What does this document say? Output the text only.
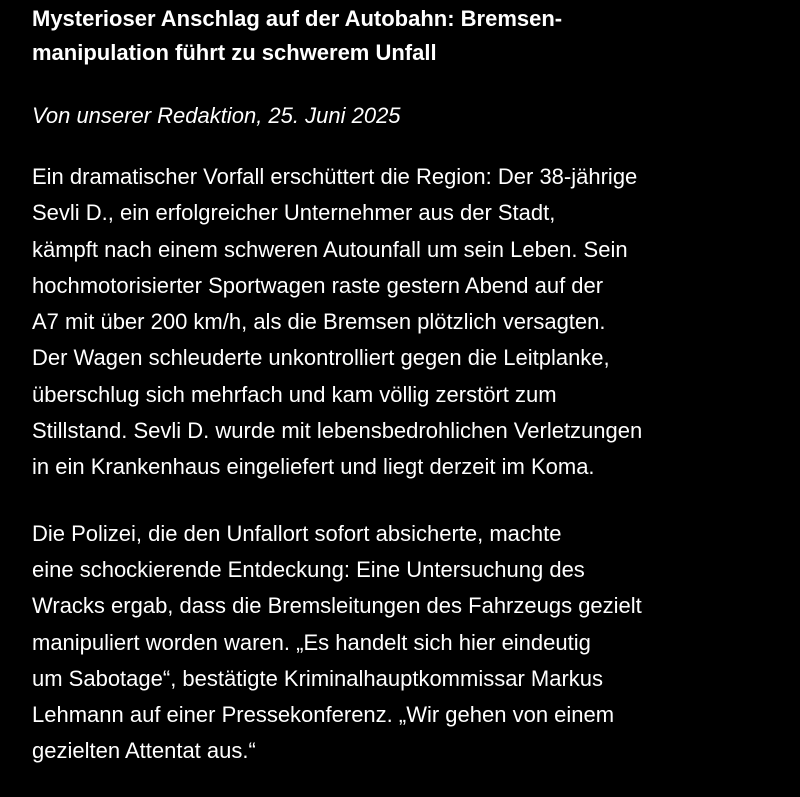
Mysterioser Anschlag auf der Autobahn: Bremsen-
manipulation führt zu schwerem Unfall

Von unserer Redaktion, 25. Juni 2025

Ein dramatischer Vorfall erschüttert die Region: Der 38-jährige
Sevli D., ein erfolgreicher Unternehmer aus der Stadt,
kämpft nach einem schweren Autounfall um sein Leben. Sein
hochmotorisierter Sportwagen raste gestern Abend auf der
A7 mit über 200 km/h, als die Bremsen plötzlich versagten.
Der Wagen schleuderte unkontrolliert gegen die Leitplanke,
überschlug sich mehrfach und kam völlig zerstört zum
Stillstand. Sevli D. wurde mit lebensbedrohlichen Verletzungen
in ein Krankenhaus eingeliefert und liegt derzeit im Koma.

Die Polizei, die den Unfallort sofort absicherte, machte
eine schockierende Entdeckung: Eine Untersuchung des
Wracks ergab, dass die Bremsleitungen des Fahrzeugs gezielt
manipuliert worden waren. „Es handelt sich hier eindeutig
um Sabotage“, bestätigte Kriminalhauptkommissar Markus
Lehmann auf einer Pressekonferenz. „Wir gehen von einem
gezielten Attentat aus.“
